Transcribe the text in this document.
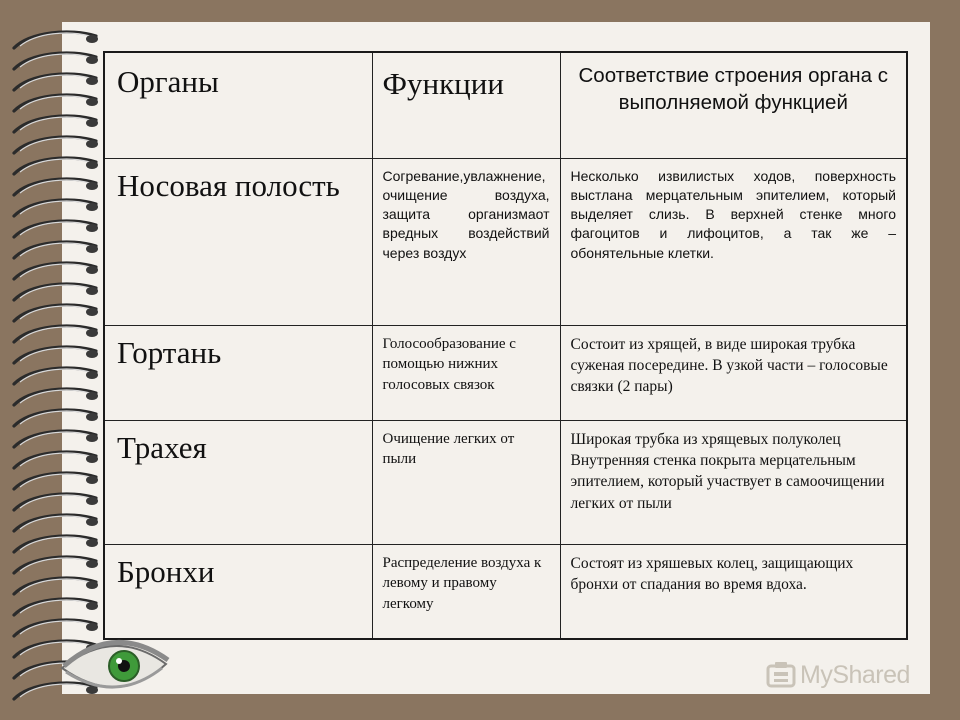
Органы	Функции	Соответствие строения органа с выполняемой функцией
Носовая полость	Согревание,увлажнение, очищение воздуха, защита организмаот вредных воздействий через воздух	Несколько извилистых ходов, поверхность выстлана мерцательным эпителием, который выделяет слизь. В верхней стенке много фагоцитов и лифоцитов, а так же – обонятельные клетки.
Гортань	Голосообразование с помощью нижних голосовых связок	Состоит из хрящей, в виде широкая трубка суженая посередине. В узкой части – голосовые связки (2 пары)
Трахея	Очищение легких от пыли	Широкая трубка из хрящевых полуколец Внутренняя стенка покрыта мерцательным эпителием, который участвует в самоочищении легких от пыли
Бронхи	Распределение воздуха к левому и правому легкому	Состоят из хряшевых колец, защищающих бронхи от спадания во время вдоха.
MyShared
